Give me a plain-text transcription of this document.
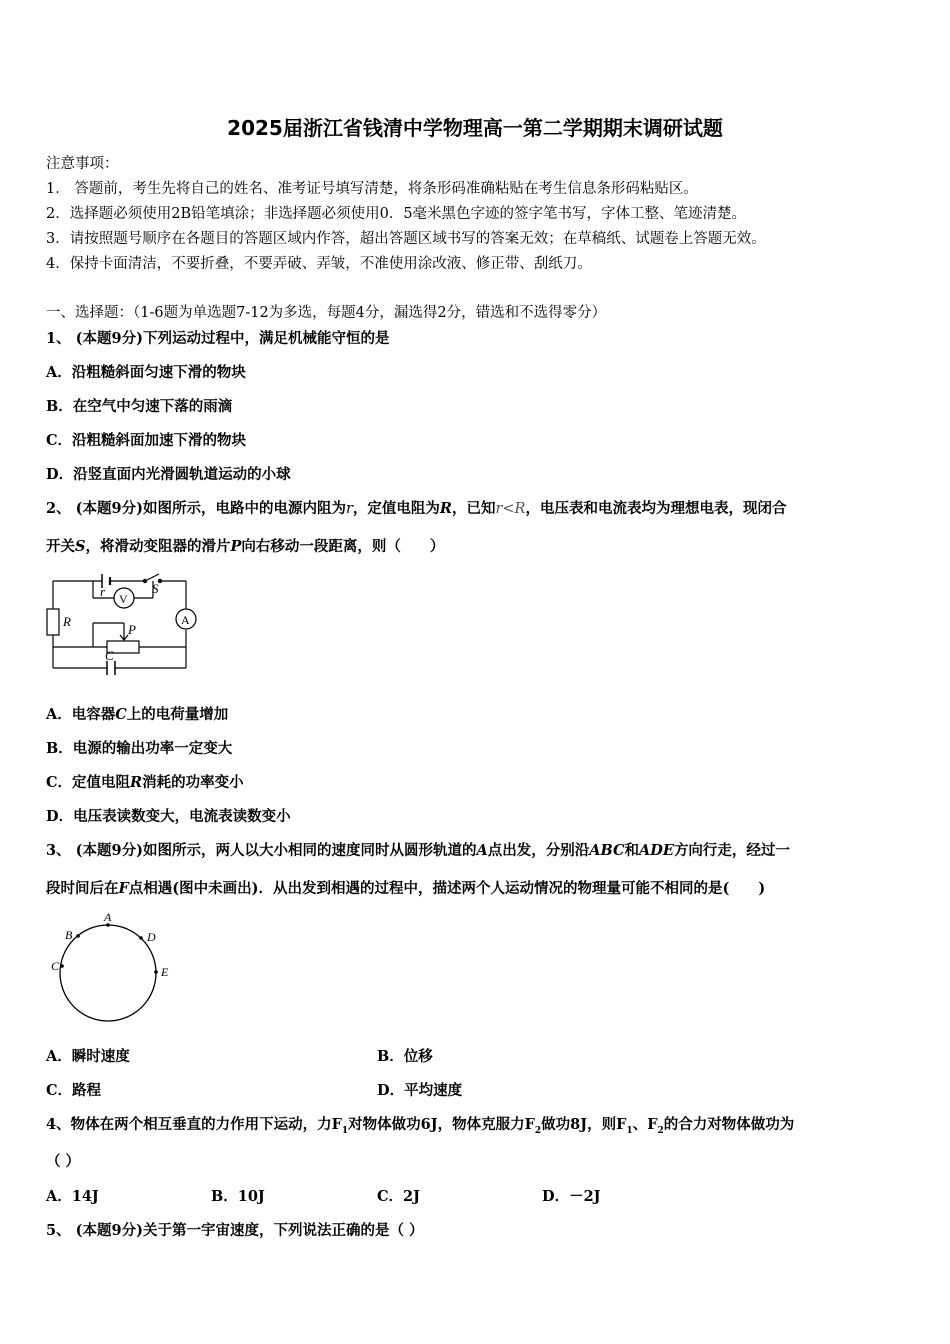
2025届浙江省钱清中学物理高一第二学期期末调研试题
注意事项：
1． 答题前，考生先将自己的姓名、准考证号填写清楚，将条形码准确粘贴在考生信息条形码粘贴区。
2．选择题必须使用2B铅笔填涂；非选择题必须使用0．5毫米黑色字迹的签字笔书写，字体工整、笔迹清楚。
3．请按照题号顺序在各题目的答题区域内作答，超出答题区域书写的答案无效；在草稿纸、试题卷上答题无效。
4．保持卡面清洁，不要折叠，不要弄破、弄皱，不准使用涂改液、修正带、刮纸刀。
一、选择题：（1-6题为单选题7-12为多选，每题4分，漏选得2分，错选和不选得零分）
1、 (本题9分)下列运动过程中，满足机械能守恒的是
A．沿粗糙斜面匀速下滑的物块
B．在空气中匀速下落的雨滴
C．沿粗糙斜面加速下滑的物块
D．沿竖直面内光滑圆轨道运动的小球
2、 (本题9分)如图所示，电路中的电源内阻为r，定值电阻为R，已知r<R，电压表和电流表均为理想电表，现闭合
开关S，将滑动变阻器的滑片P向右移动一段距离，则（　　）
r	S
V
A
R
P
C
A．电容器C上的电荷量增加
B．电源的输出功率一定变大
C．定值电阻R消耗的功率变小
D．电压表读数变大，电流表读数变小
3、 (本题9分)如图所示，两人以大小相同的速度同时从圆形轨道的A点出发，分别沿ABC和ADE方向行走，经过一
段时间后在F点相遇(图中未画出)．从出发到相遇的过程中，描述两个人运动情况的物理量可能不相同的是(　　)
A
B
C
D
E
A．瞬时速度	B．位移
C．路程	D．平均速度
4、物体在两个相互垂直的力作用下运动，力$F_1$对物体做功6J，物体克服力$F_2$做功8J，则$F_1$、$F_2$的合力对物体做功为
（ ）
A．14J	B．10J	C．2J	D．－2J
5、 (本题9分)关于第一宇宙速度，下列说法正确的是（ ）
